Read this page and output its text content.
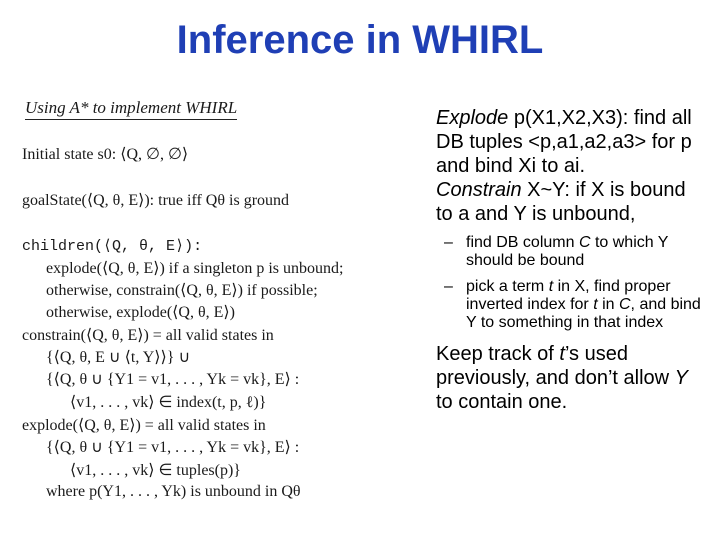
Inference in WHIRL
Using A* to implement WHIRL
Initial state s0: ⟨Q, ∅, ∅⟩
goalState(⟨Q, θ, E⟩): true iff Qθ is ground
children(⟨Q, θ, E⟩):
explode(⟨Q, θ, E⟩) if a singleton p is unbound;
otherwise, constrain(⟨Q, θ, E⟩) if possible;
otherwise, explode(⟨Q, θ, E⟩)
constrain(⟨Q, θ, E⟩) = all valid states in
{⟨Q, θ, E ∪ ⟨t, Y⟩⟩} ∪
{⟨Q, θ ∪ {Y1 = v1, . . . , Yk = vk}, E⟩ :
⟨v1, . . . , vk⟩ ∈ index(t, p, ℓ)}
explode(⟨Q, θ, E⟩) = all valid states in
{⟨Q, θ ∪ {Y1 = v1, . . . , Yk = vk}, E⟩ :
⟨v1, . . . , vk⟩ ∈ tuples(p)}
where p(Y1, . . . , Yk) is unbound in Qθ
Explode p(X1,X2,X3): find all DB tuples <p,a1,a2,a3> for p and bind Xi to ai.
Constrain X~Y: if X is bound to a and Y is unbound,
– find DB column C to which Y should be bound
– pick a term t in X, find proper inverted index for t in C, and bind Y to something in that index
Keep track of t’s used previously, and don’t allow Y to contain one.
